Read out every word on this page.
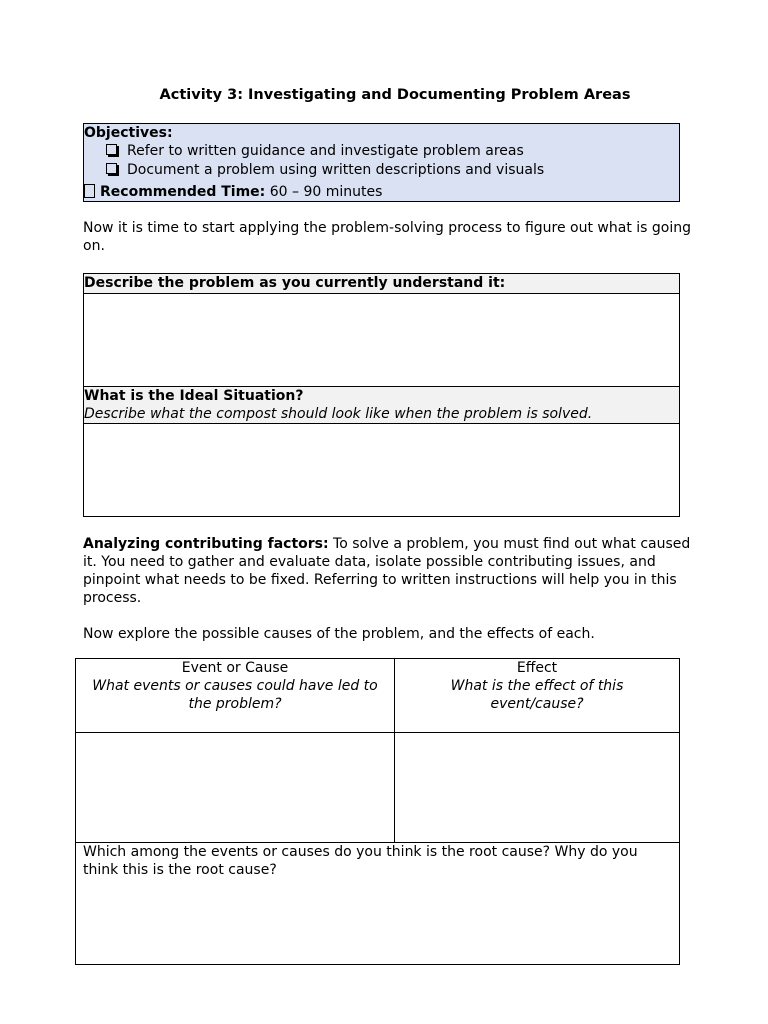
Activity 3: Investigating and Documenting Problem Areas
Objectives:
Refer to written guidance and investigate problem areas
Document a problem using written descriptions and visuals
Recommended Time: 60 – 90 minutes
Now it is time to start applying the problem-solving process to figure out what is going on.
Describe the problem as you currently understand it:
What is the Ideal Situation?
Describe what the compost should look like when the problem is solved.
Analyzing contributing factors: To solve a problem, you must find out what caused it. You need to gather and evaluate data, isolate possible contributing issues, and pinpoint what needs to be fixed. Referring to written instructions will help you in this process.
Now explore the possible causes of the problem, and the effects of each.
Event or Cause
What events or causes could have led to the problem?
Effect
What is the effect of this event/cause?
Which among the events or causes do you think is the root cause? Why do you think this is the root cause?
